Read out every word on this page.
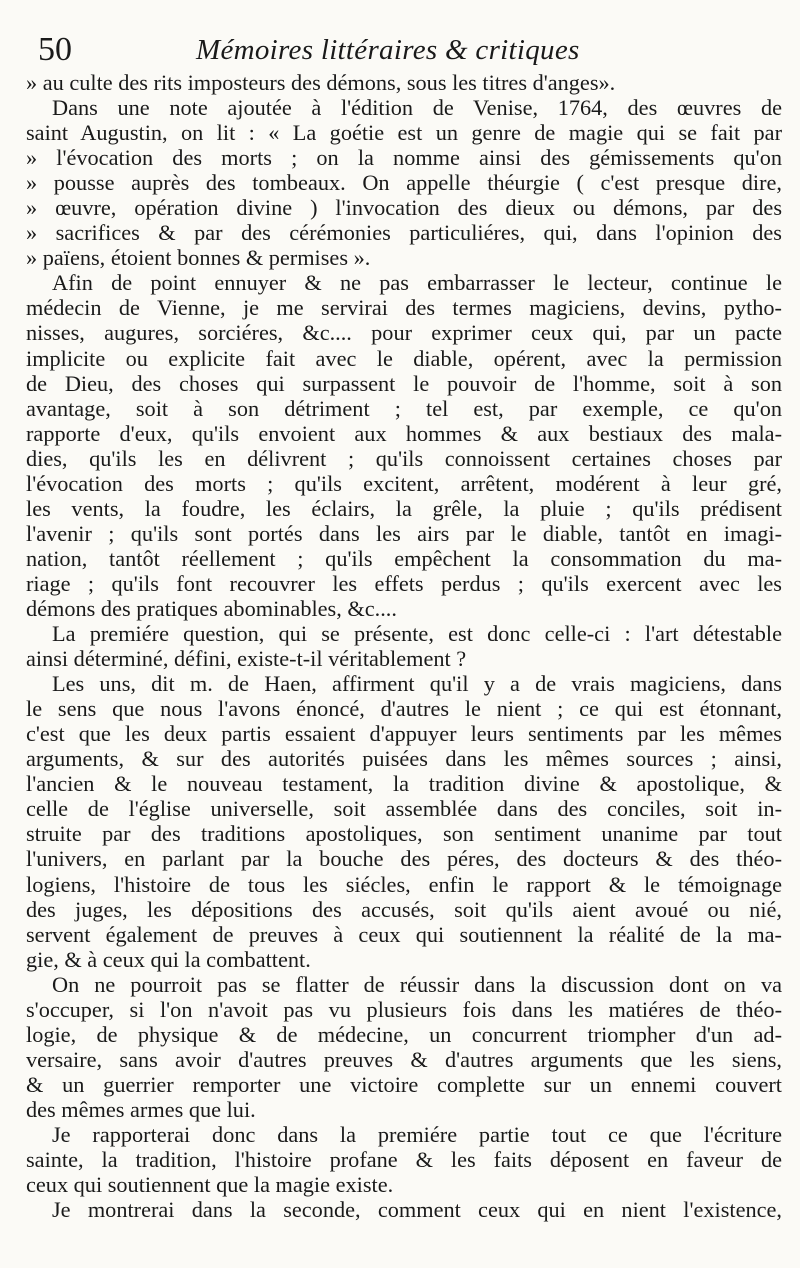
50	Mémoires littéraires & critiques
» au culte des rits imposteurs des démons, sous les titres d'anges».
Dans une note ajoutée à l'édition de Venise, 1764, des œuvres de
saint Augustin, on lit : « La goétie est un genre de magie qui se fait par
» l'évocation des morts ; on la nomme ainsi des gémissements qu'on
» pousse auprès des tombeaux. On appelle théurgie ( c'est presque dire,
» œuvre, opération divine ) l'invocation des dieux ou démons, par des
» sacrifices & par des cérémonies particuliéres, qui, dans l'opinion des
» païens, étoient bonnes & permises ».
Afin de point ennuyer & ne pas embarrasser le lecteur, continue le
médecin de Vienne, je me servirai des termes magiciens, devins, pytho-
nisses, augures, sorciéres, &c.... pour exprimer ceux qui, par un pacte
implicite ou explicite fait avec le diable, opérent, avec la permission
de Dieu, des choses qui surpassent le pouvoir de l'homme, soit à son
avantage, soit à son détriment ; tel est, par exemple, ce qu'on
rapporte d'eux, qu'ils envoient aux hommes & aux bestiaux des mala-
dies, qu'ils les en délivrent ; qu'ils connoissent certaines choses par
l'évocation des morts ; qu'ils excitent, arrêtent, modérent à leur gré,
les vents, la foudre, les éclairs, la grêle, la pluie ; qu'ils prédisent
l'avenir ; qu'ils sont portés dans les airs par le diable, tantôt en imagi-
nation, tantôt réellement ; qu'ils empêchent la consommation du ma-
riage ; qu'ils font recouvrer les effets perdus ; qu'ils exercent avec les
démons des pratiques abominables, &c....
La premiére question, qui se présente, est donc celle-ci : l'art détestable
ainsi déterminé, défini, existe-t-il véritablement ?
Les uns, dit m. de Haen, affirment qu'il y a de vrais magiciens, dans
le sens que nous l'avons énoncé, d'autres le nient ; ce qui est étonnant,
c'est que les deux partis essaient d'appuyer leurs sentiments par les mêmes
arguments, & sur des autorités puisées dans les mêmes sources ; ainsi,
l'ancien & le nouveau testament, la tradition divine & apostolique, &
celle de l'église universelle, soit assemblée dans des conciles, soit in-
struite par des traditions apostoliques, son sentiment unanime par tout
l'univers, en parlant par la bouche des péres, des docteurs & des théo-
logiens, l'histoire de tous les siécles, enfin le rapport & le témoignage
des juges, les dépositions des accusés, soit qu'ils aient avoué ou nié,
servent également de preuves à ceux qui soutiennent la réalité de la ma-
gie, & à ceux qui la combattent.
On ne pourroit pas se flatter de réussir dans la discussion dont on va
s'occuper, si l'on n'avoit pas vu plusieurs fois dans les matiéres de théo-
logie, de physique & de médecine, un concurrent triompher d'un ad-
versaire, sans avoir d'autres preuves & d'autres arguments que les siens,
& un guerrier remporter une victoire complette sur un ennemi couvert
des mêmes armes que lui.
Je rapporterai donc dans la premiére partie tout ce que l'écriture
sainte, la tradition, l'histoire profane & les faits déposent en faveur de
ceux qui soutiennent que la magie existe.
Je montrerai dans la seconde, comment ceux qui en nient l'existence,
